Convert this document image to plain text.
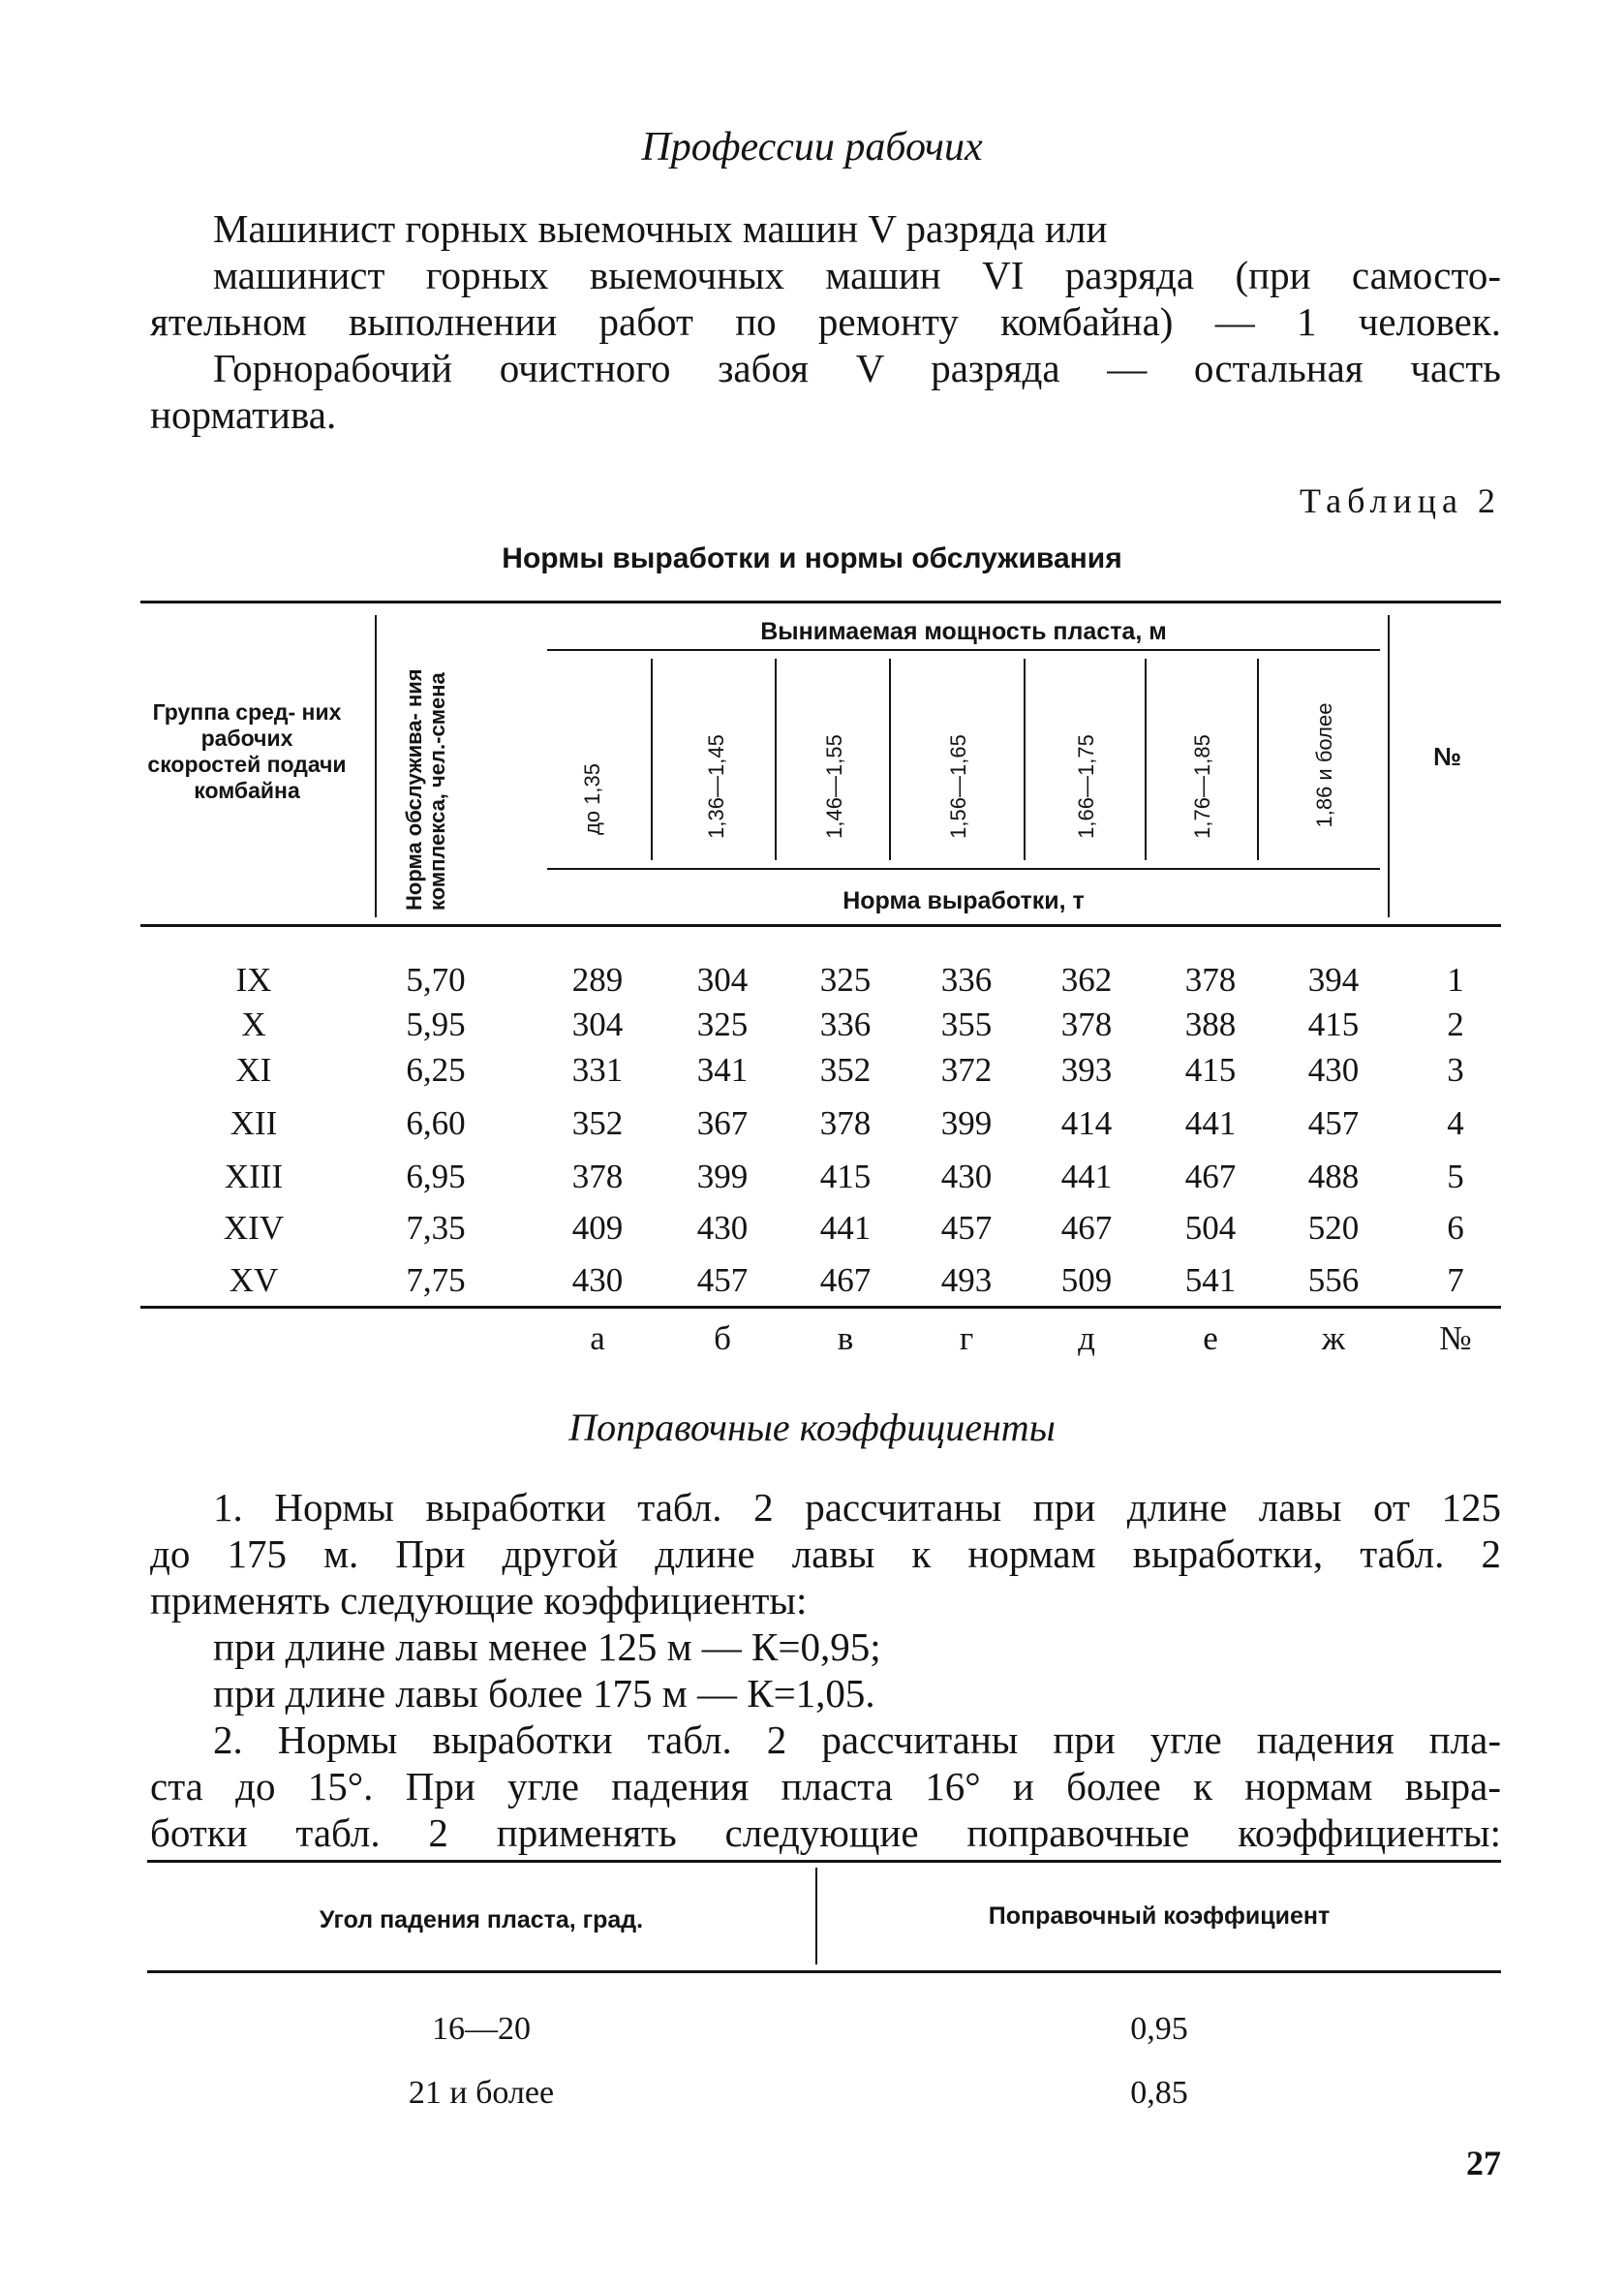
Профессии рабочих
Машинист горных выемочных машин V разряда или
машинист горных выемочных машин VI разряда (при самосто-
ятельном выполнении работ по ремонту комбайна) — 1 человек.
Горнорабочий очистного забоя V разряда — остальная часть
норматива.
Таблица 2
Нормы выработки и нормы обслуживания
Группа сред- них рабочих скоростей подачи комбайна	Норма обслужива- ния комплекса, чел.-смена
Вынимаемая мощность пласта, м
Норма выработки, т
№
до 1,35	1,36—1,45	1,46—1,55	1,56—1,65	1,66—1,75	1,76—1,85	1,86 и более
IX	5,70	289 304 325 336 362 378 394	1
X	5,95	304 325 336 355 378 388 415	2
XI	6,25	331 341 352 372 393 415 430	3
XII	6,60	352 367 378 399 414 441 457	4
XIII	6,95	378 399 415 430 441 467 488	5
XIV	7,35	409 430 441 457 467 504 520	6
XV	7,75	430 457 467 493 509 541 556	7
а	б	в	г	д	е	ж	№
Поправочные коэффициенты
1. Нормы выработки табл. 2 рассчитаны при длине лавы от 125
до 175 м. При другой длине лавы к нормам выработки, табл. 2
применять следующие коэффициенты:
при длине лавы менее 125 м — К=0,95;
при длине лавы более 175 м — К=1,05.
2. Нормы выработки табл. 2 рассчитаны при угле падения пла-
ста до 15°. При угле падения пласта 16° и более к нормам выра-
ботки табл. 2 применять следующие поправочные коэффициенты:
Угол падения пласта, град.	Поправочный коэффициент
16—20	0,95
21 и более	0,85
27
